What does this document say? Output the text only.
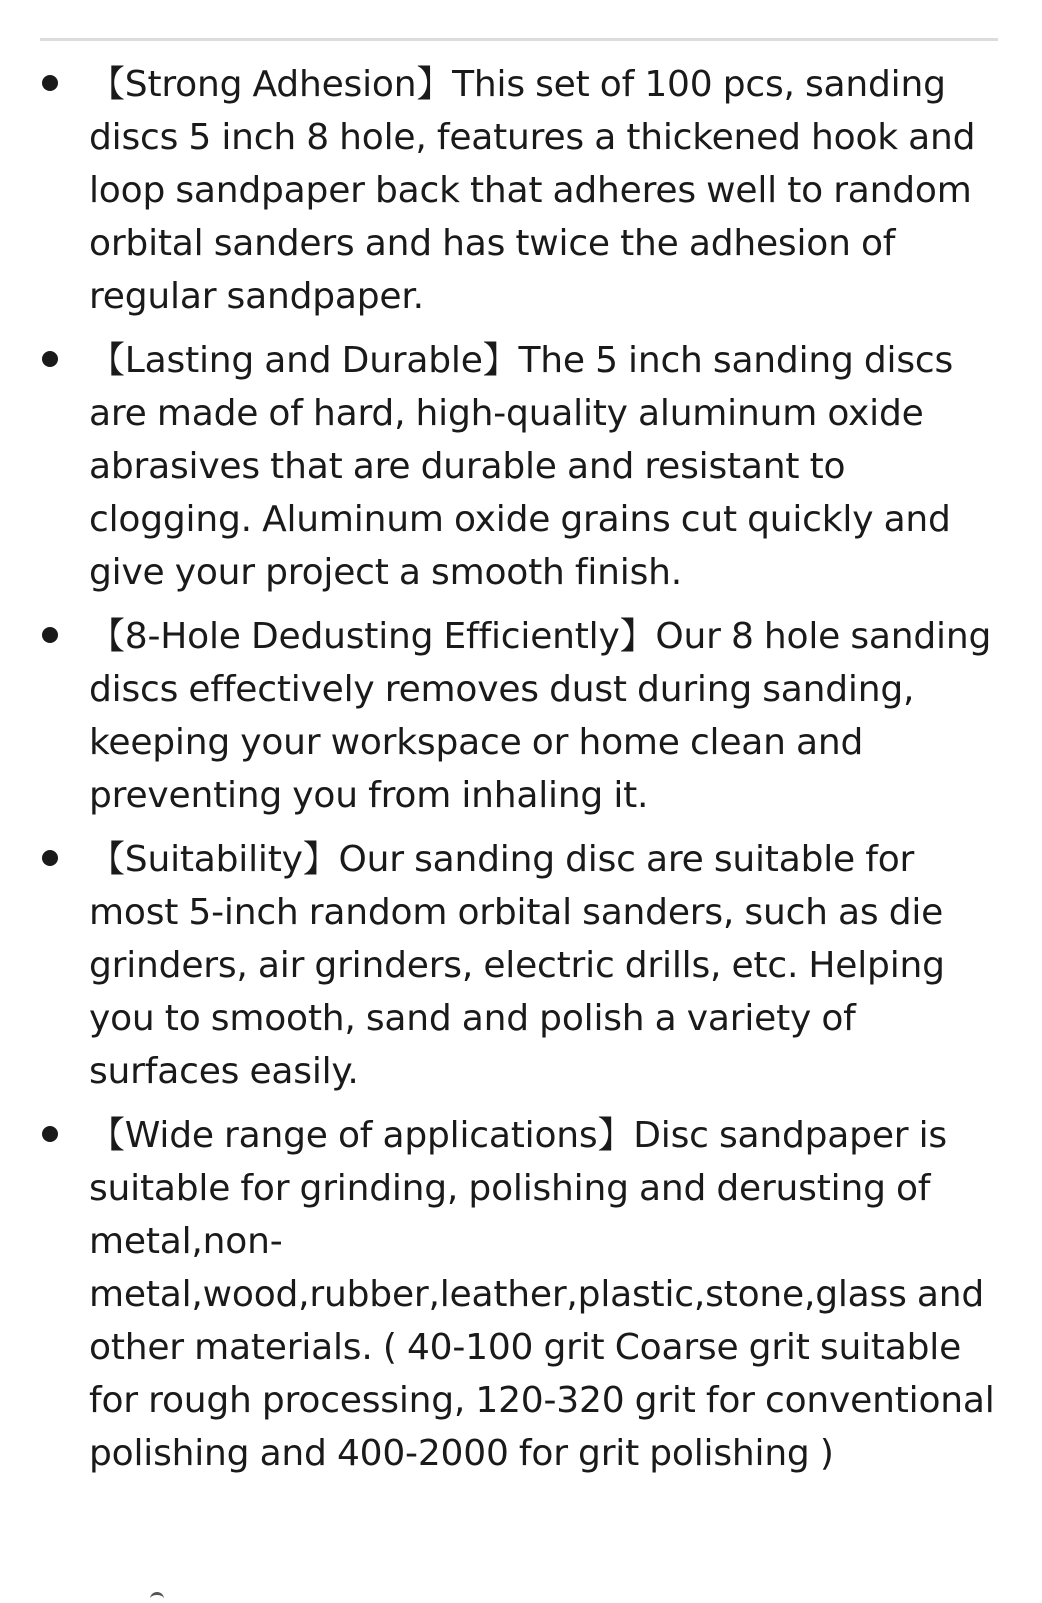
【Strong Adhesion】This set of 100 pcs, sanding discs 5 inch 8 hole, features a thickened hook and loop sandpaper back that adheres well to random orbital sanders and has twice the adhesion of regular sandpaper.
【Lasting and Durable】The 5 inch sanding discs are made of hard, high-quality aluminum oxide abrasives that are durable and resistant to clogging. Aluminum oxide grains cut quickly and give your project a smooth finish.
【8-Hole Dedusting Efficiently】Our 8 hole sanding discs effectively removes dust during sanding, keeping your workspace or home clean and preventing you from inhaling it.
【Suitability】Our sanding disc are suitable for most 5-inch random orbital sanders, such as die grinders, air grinders, electric drills, etc. Helping you to smooth, sand and polish a variety of surfaces easily.
【Wide range of applications】Disc sandpaper is suitable for grinding, polishing and derusting of metal,non-metal,wood,rubber,leather,plastic,stone,glass and other materials. ( 40-100 grit Coarse grit suitable for rough processing, 120-320 grit for conventional polishing and 400-2000 for grit polishing )
